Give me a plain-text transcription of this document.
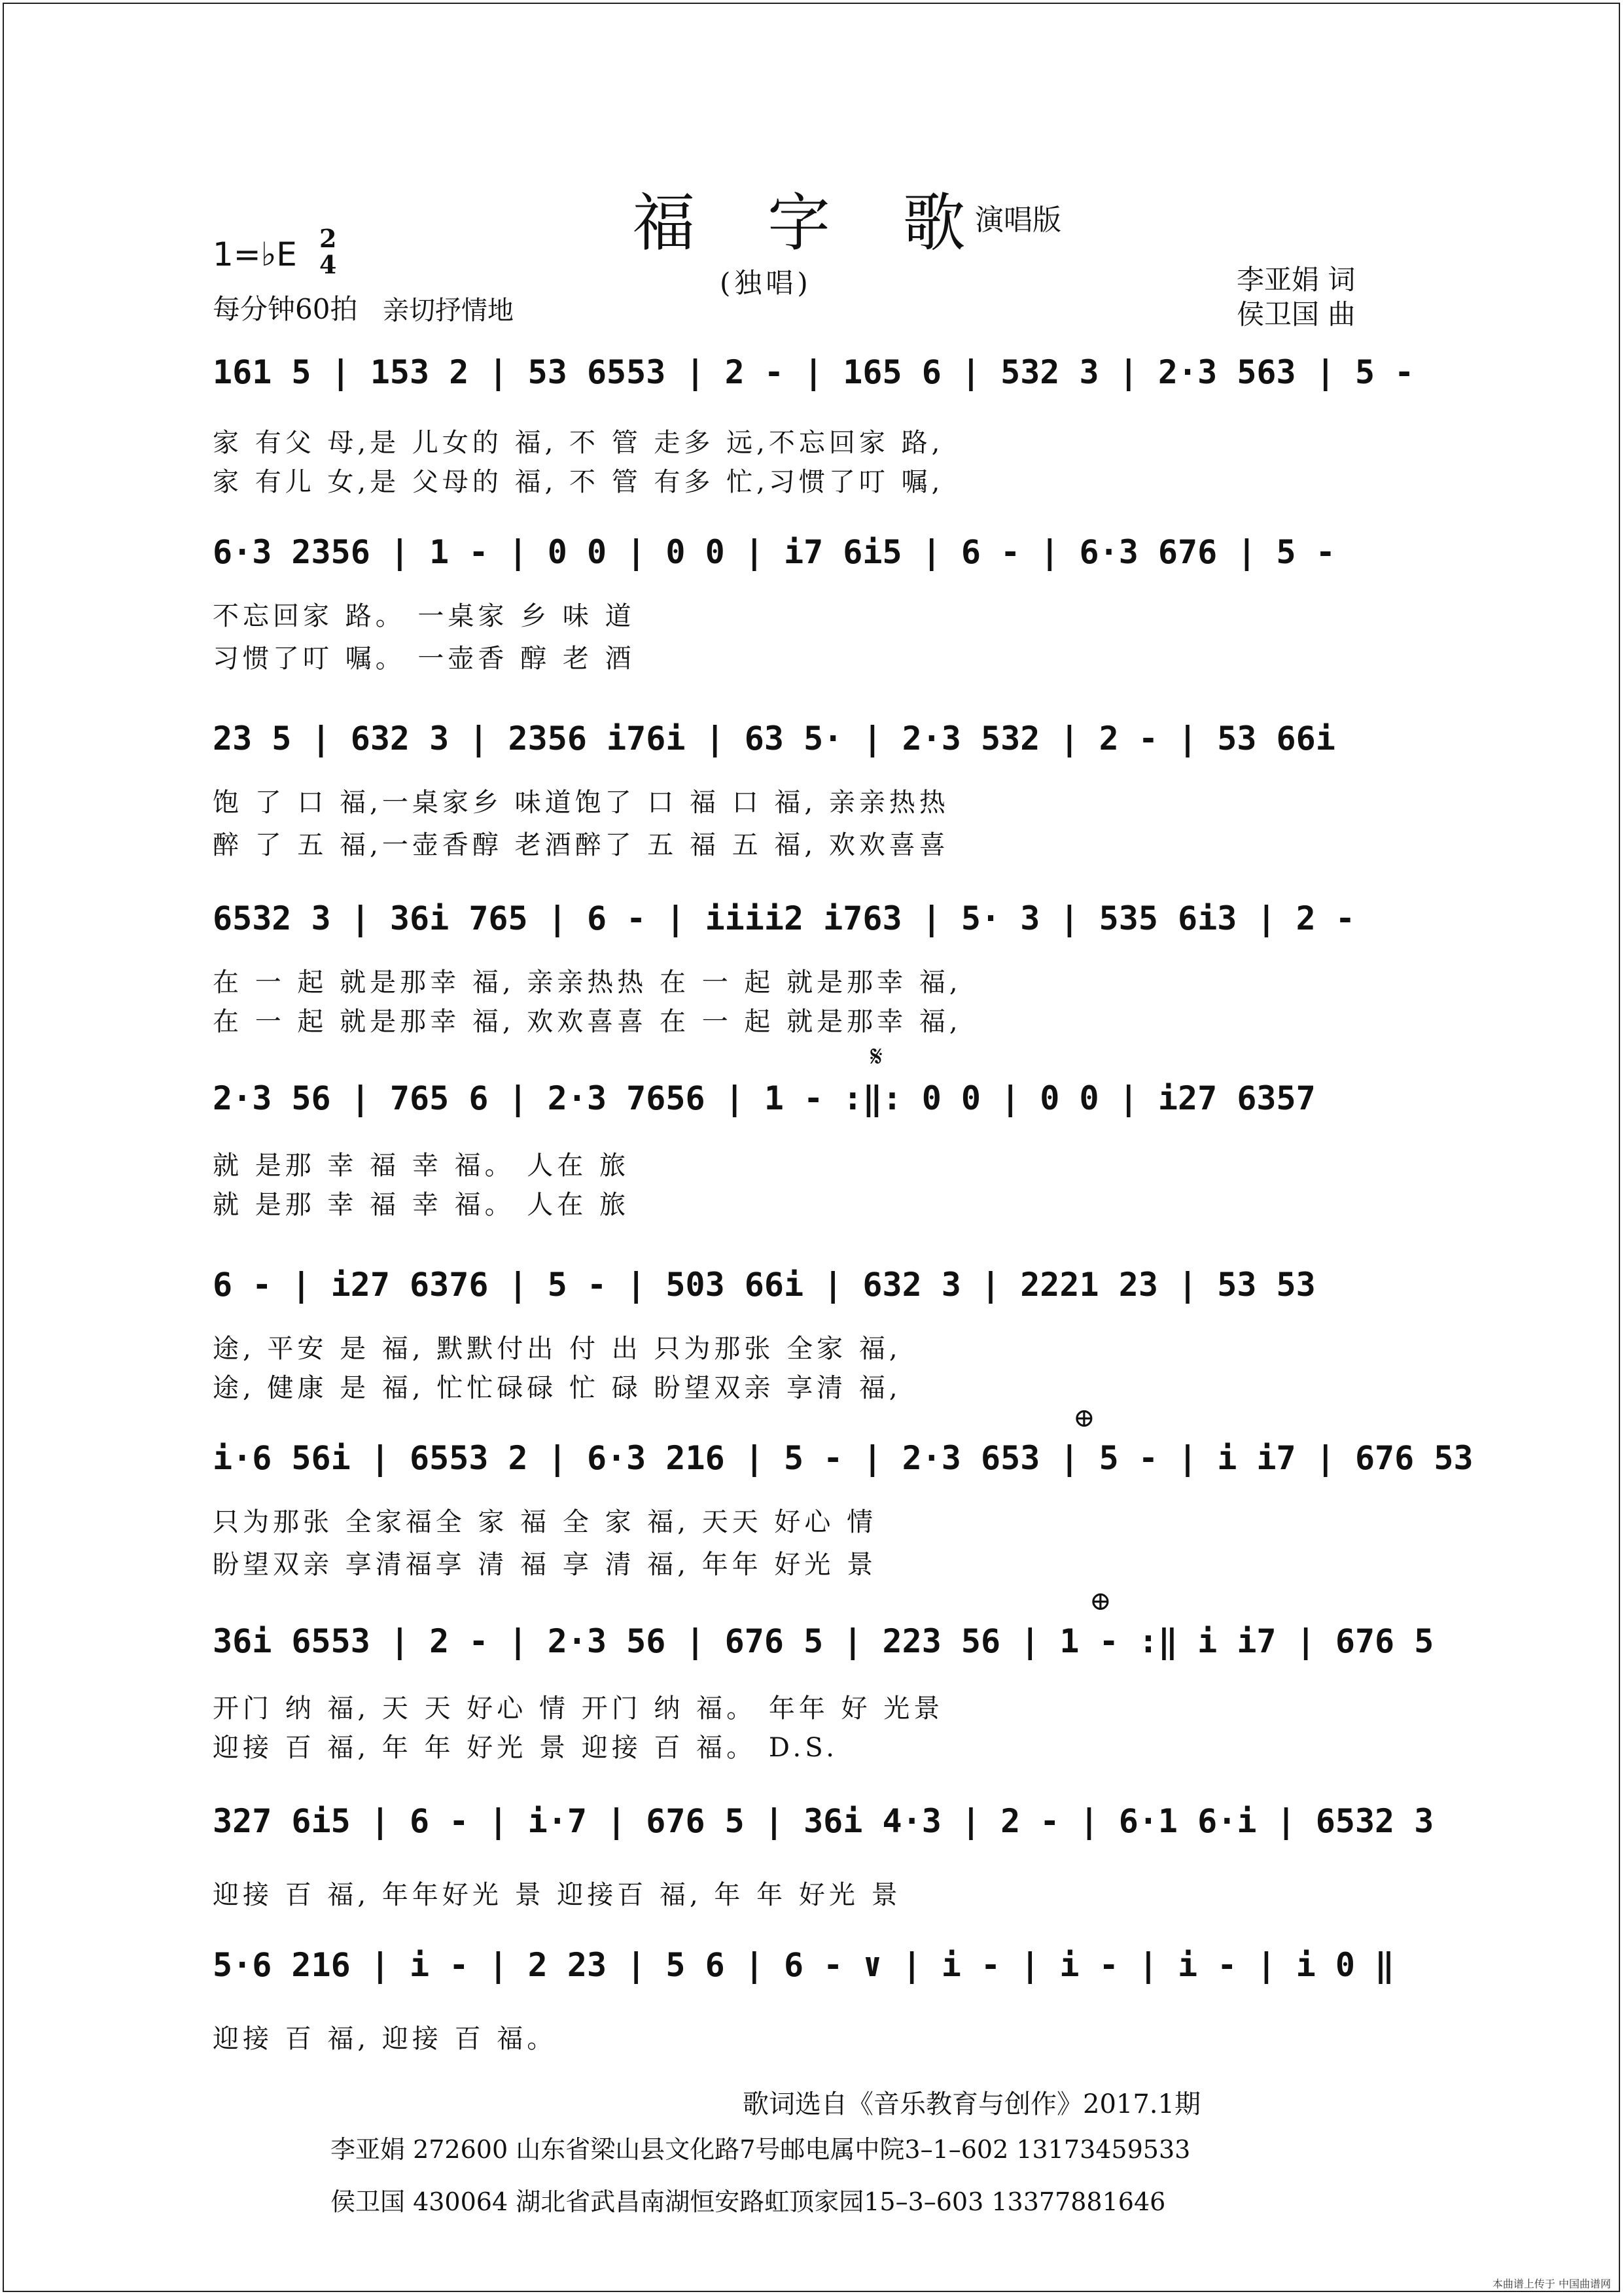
福 字 歌
演唱版
1=♭E 2
4
每分钟60拍 亲切抒情地
(独唱)	李亚娟 词
侯卫国 曲
161 5 | 153 2 | 53 6553 | 2 - | 165 6 | 532 3 | 2·3 563 | 5 -
家 有父 母,是 儿女的 福, 不 管 走多 远,不忘回家 路,
家 有儿 女,是 父母的 福, 不 管 有多 忙,习惯了叮 嘱,
6·3 2356 | 1 - | 0 0 | 0 0 | i7 6i5 | 6 - | 6·3 676 | 5 -
不忘回家 路。 一桌家 乡 味 道
习惯了叮 嘱。 一壶香 醇 老 酒
23 5 | 632 3 | 2356 i76i | 63 5· | 2·3 532 | 2 - | 53 66i
饱 了 口 福,一桌家乡 味道饱了 口 福 口 福, 亲亲热热
醉 了 五 福,一壶香醇 老酒醉了 五 福 五 福, 欢欢喜喜
6532 3 | 36i 765 | 6 - | iiii2 i763 | 5· 3 | 535 6i3 | 2 -
在 一 起 就是那幸 福, 亲亲热热 在 一 起 就是那幸 福,
在 一 起 就是那幸 福, 欢欢喜喜 在 一 起 就是那幸 福,
𝄋
2·3 56 | 765 6 | 2·3 7656 | 1 - :‖: 0 0 | 0 0 | i27 6357
就 是那 幸 福 幸 福。 人在 旅
就 是那 幸 福 幸 福。 人在 旅
6 - | i27 6376 | 5 - | 503 66i | 632 3 | 2221 23 | 53 53
途, 平安 是 福, 默默付出 付 出 只为那张 全家 福,
途, 健康 是 福, 忙忙碌碌 忙 碌 盼望双亲 享清 福,
⊕
i·6 56i | 6553 2 | 6·3 216 | 5 - | 2·3 653 | 5 - | i i7 | 676 53
只为那张 全家福全 家 福 全 家 福, 天天 好心 情
盼望双亲 享清福享 清 福 享 清 福, 年年 好光 景
⊕
36i 6553 | 2 - | 2·3 56 | 676 5 | 223 56 | 1 - :‖ i i7 | 676 5
开门 纳 福, 天 天 好心 情 开门 纳 福。 年年 好 光景
迎接 百 福, 年 年 好光 景 迎接 百 福。 D.S.
327 6i5 | 6 - | i·7 | 676 5 | 36i 4·3 | 2 - | 6·1 6·i | 6532 3
迎接 百 福, 年年好光 景 迎接百 福, 年 年 好光 景
5·6 216 | i - | 2 23 | 5 6 | 6 - ∨ | i - | i - | i - | i 0 ‖
迎接 百 福, 迎接 百 福。
歌词选自《音乐教育与创作》2017.1期
李亚娟 272600 山东省梁山县文化路7号邮电属中院3–1–602 13173459533
侯卫国 430064 湖北省武昌南湖恒安路虹顶家园15–3–603 13377881646
本曲谱上传于 中国曲谱网
